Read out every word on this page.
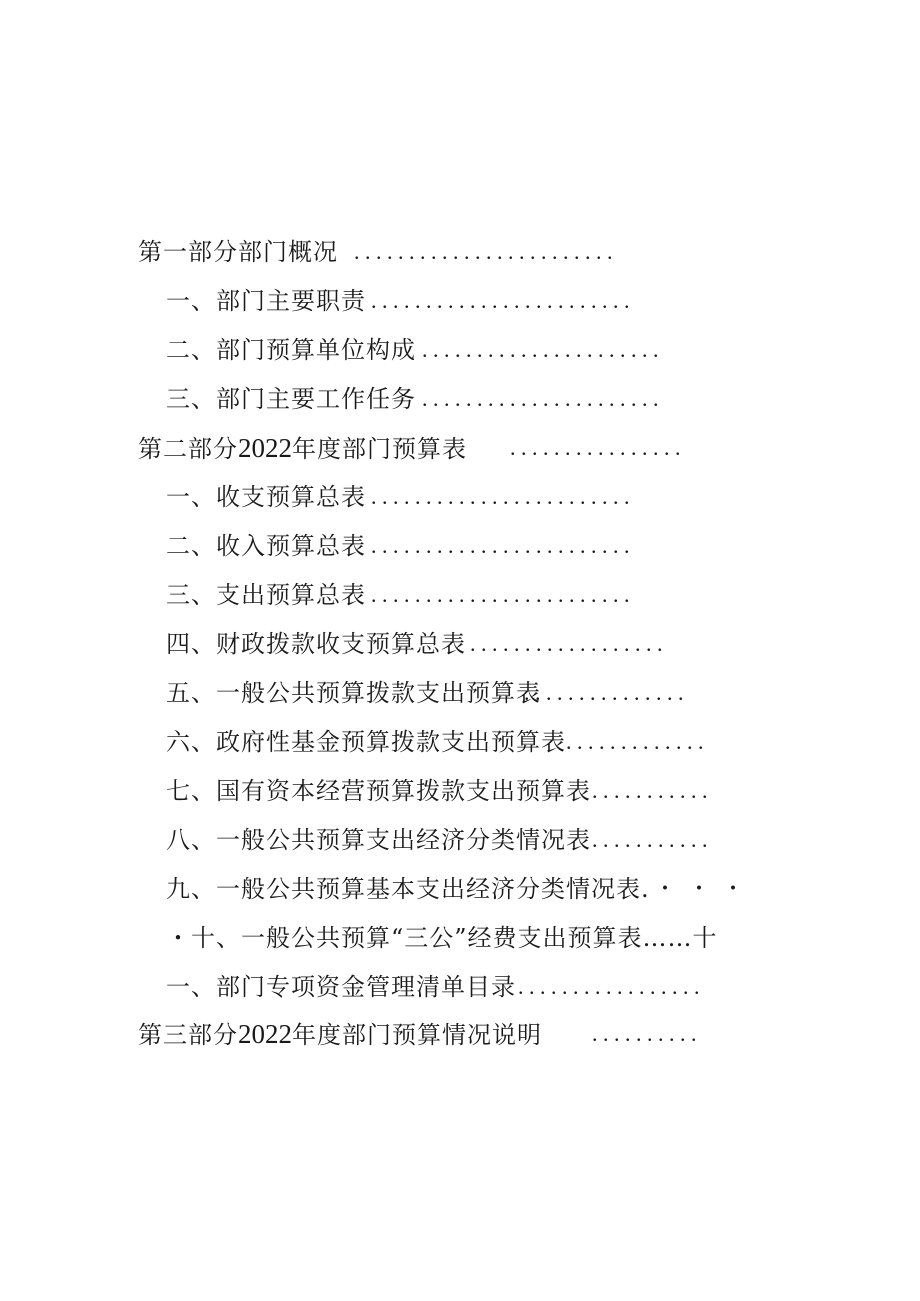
第一部分部门概况 ........................
一、部门主要职责 ........................
二、部门预算单位构成 ......................
三、部门主要工作任务 ......................
第二部分2022年度部门预算表 ................
一、收支预算总表 ........................
二、收入预算总表 ........................
三、支出预算总表 ........................
四、财政拨款收支预算总表 ..................
五、一般公共预算拨款支出预算表
...............
六、政府性基金预算拨款支出预算表 .............
七、国有资本经营预算拨款支出预算表 ...........
八、一般公共预算支出经济分类情况表 ...........
九、一般公共预算基本支出经济分类情况表. ・・・
・十、一般公共预算“三公”经费支出预算表……十
一、部门专项资金管理清单目录 .................
第三部分2022年度部门预算情况说明 ..........
